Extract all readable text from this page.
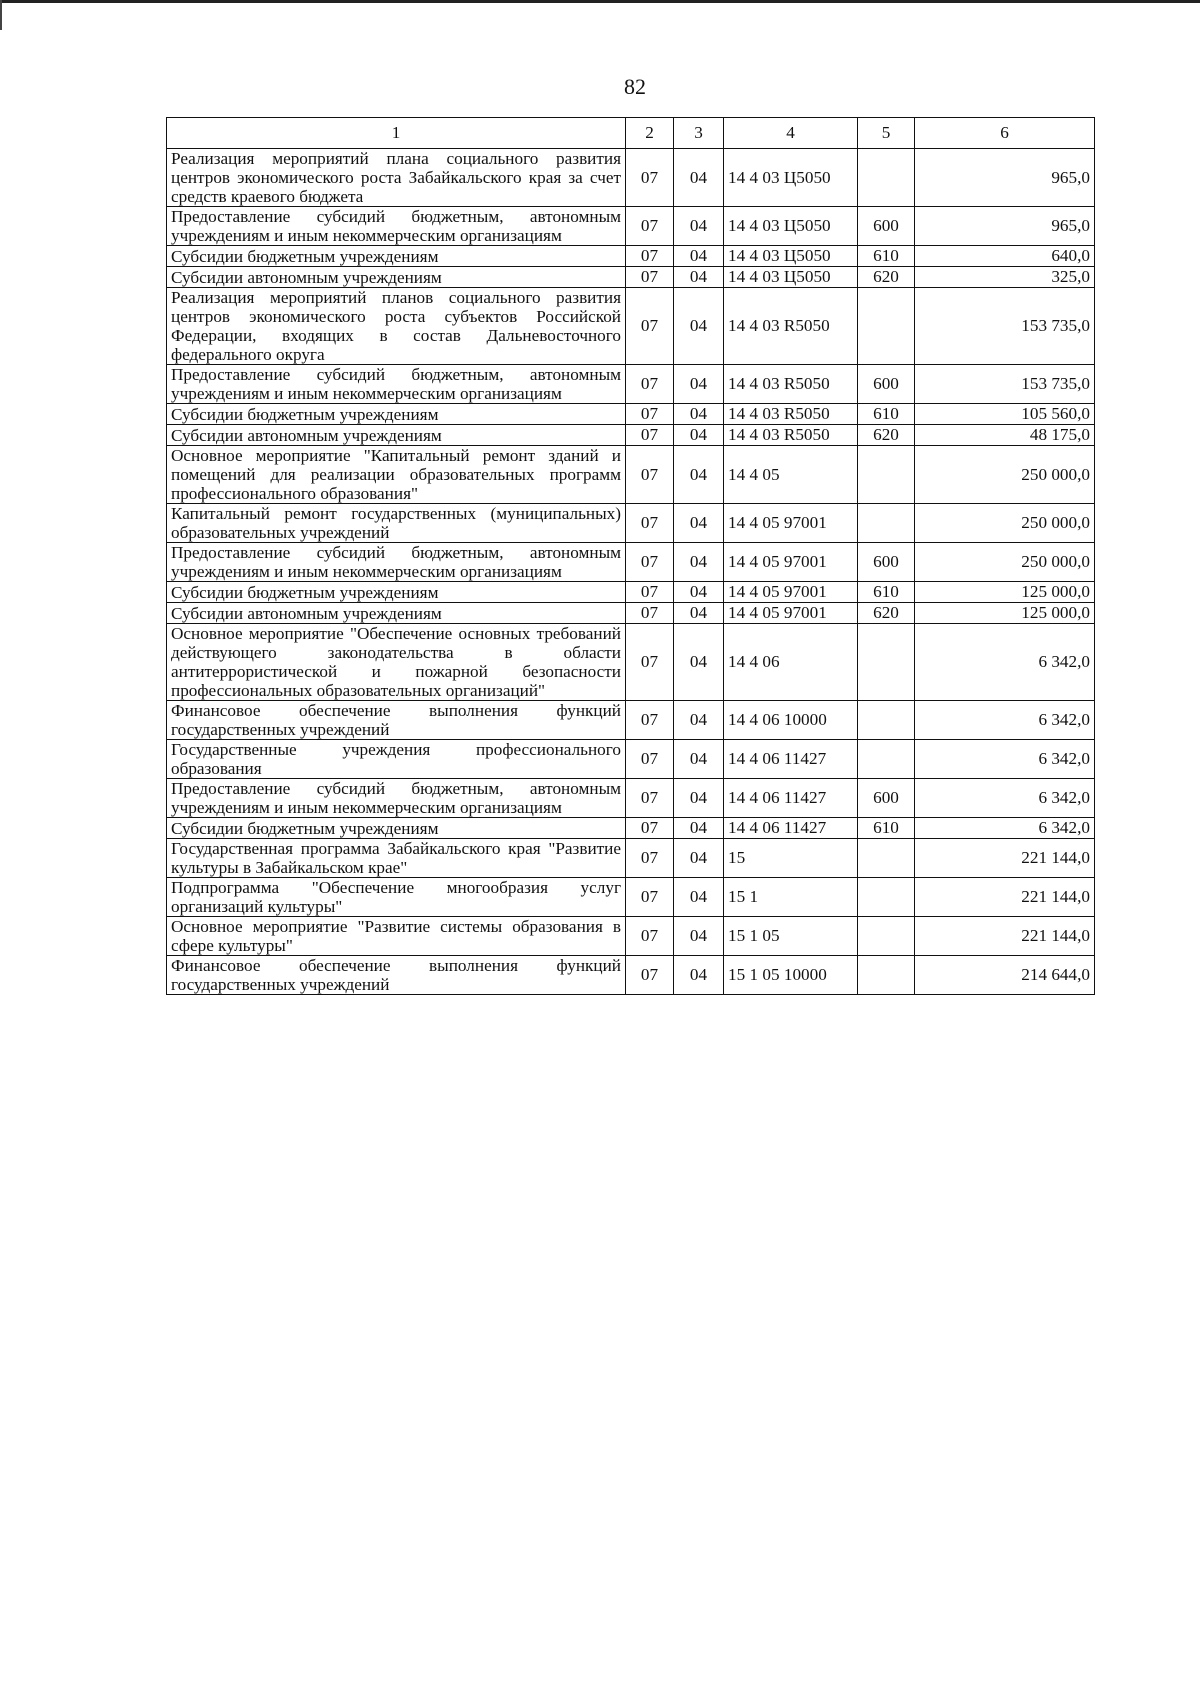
82
1	2	3	4	5	6
Реализация мероприятий плана социального развития центров экономического роста Забайкальского края за счет средств краевого бюджета	07	04	14 4 03 Ц5050		965,0
Предоставление субсидий бюджетным, автономным учреждениям и иным некоммерческим организациям	07	04	14 4 03 Ц5050	600	965,0
Субсидии бюджетным учреждениям	07	04	14 4 03 Ц5050	610	640,0
Субсидии автономным учреждениям	07	04	14 4 03 Ц5050	620	325,0
Реализация мероприятий планов социального развития центров экономического роста субъектов Российской Федерации, входящих в состав Дальневосточного федерального округа	07	04	14 4 03 R5050		153 735,0
Предоставление субсидий бюджетным, автономным учреждениям и иным некоммерческим организациям	07	04	14 4 03 R5050	600	153 735,0
Субсидии бюджетным учреждениям	07	04	14 4 03 R5050	610	105 560,0
Субсидии автономным учреждениям	07	04	14 4 03 R5050	620	48 175,0
Основное мероприятие "Капитальный ремонт зданий и помещений для реализации образовательных программ профессионального образования"	07	04	14 4 05		250 000,0
Капитальный ремонт государственных (муниципальных) образовательных учреждений	07	04	14 4 05 97001		250 000,0
Предоставление субсидий бюджетным, автономным учреждениям и иным некоммерческим организациям	07	04	14 4 05 97001	600	250 000,0
Субсидии бюджетным учреждениям	07	04	14 4 05 97001	610	125 000,0
Субсидии автономным учреждениям	07	04	14 4 05 97001	620	125 000,0
Основное мероприятие "Обеспечение основных требований действующего законодательства в области антитеррористической и пожарной безопасности профессиональных образовательных организаций"	07	04	14 4 06		6 342,0
Финансовое обеспечение выполнения функций государственных учреждений	07	04	14 4 06 10000		6 342,0
Государственные учреждения профессионального образования	07	04	14 4 06 11427		6 342,0
Предоставление субсидий бюджетным, автономным учреждениям и иным некоммерческим организациям	07	04	14 4 06 11427	600	6 342,0
Субсидии бюджетным учреждениям	07	04	14 4 06 11427	610	6 342,0
Государственная программа Забайкальского края "Развитие культуры в Забайкальском крае"	07	04	15		221 144,0
Подпрограмма "Обеспечение многообразия услуг организаций культуры"	07	04	15 1		221 144,0
Основное мероприятие "Развитие системы образования в сфере культуры"	07	04	15 1 05		221 144,0
Финансовое обеспечение выполнения функций государственных учреждений	07	04	15 1 05 10000		214 644,0
